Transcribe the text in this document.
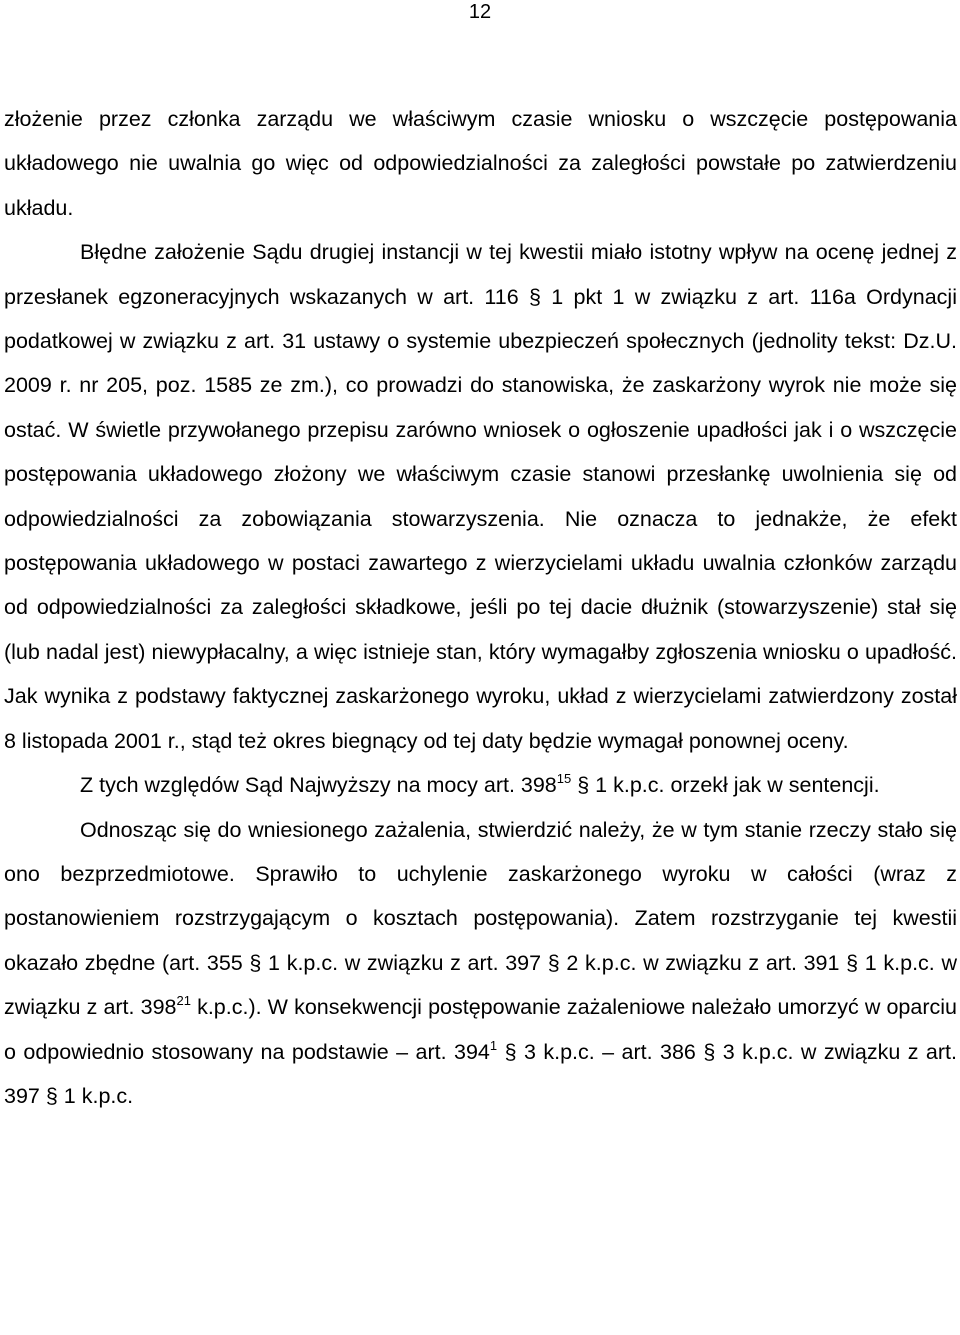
12

złożenie przez członka zarządu we właściwym czasie wniosku o wszczęcie postępowania układowego nie uwalnia go więc od odpowiedzialności za zaległości powstałe po zatwierdzeniu układu.

Błędne założenie Sądu drugiej instancji w tej kwestii miało istotny wpływ na ocenę jednej z przesłanek egzoneracyjnych wskazanych w art. 116 § 1 pkt 1 w związku z art. 116a Ordynacji podatkowej w związku z art. 31 ustawy o systemie ubezpieczeń społecznych (jednolity tekst: Dz.U. 2009 r. nr 205, poz. 1585 ze zm.), co prowadzi do stanowiska, że zaskarżony wyrok nie może się ostać. W świetle przywołanego przepisu zarówno wniosek o ogłoszenie upadłości jak i o wszczęcie postępowania układowego złożony we właściwym czasie stanowi przesłankę uwolnienia się od odpowiedzialności za zobowiązania stowarzyszenia. Nie oznacza to jednakże, że efekt postępowania układowego w postaci zawartego z wierzycielami układu uwalnia członków zarządu od odpowiedzialności za zaległości składkowe, jeśli po tej dacie dłużnik (stowarzyszenie) stał się (lub nadal jest) niewypłacalny, a więc istnieje stan, który wymagałby zgłoszenia wniosku o upadłość. Jak wynika z podstawy faktycznej zaskarżonego wyroku, układ z wierzycielami zatwierdzony został 8 listopada 2001 r., stąd też okres biegnący od tej daty będzie wymagał ponownej oceny.

Z tych względów Sąd Najwyższy na mocy art. $398^{15}$ § 1 k.p.c. orzekł jak w sentencji.

Odnosząc się do wniesionego zażalenia, stwierdzić należy, że w tym stanie rzeczy stało się ono bezprzedmiotowe. Sprawiło to uchylenie zaskarżonego wyroku w całości (wraz z postanowieniem rozstrzygającym o kosztach postępowania). Zatem rozstrzyganie tej kwestii okazało zbędne (art. 355 § 1 k.p.c. w związku z art. 397 § 2 k.p.c. w związku z art. 391 § 1 k.p.c. w związku z art. $398^{21}$ k.p.c.). W konsekwencji postępowanie zażaleniowe należało umorzyć w oparciu o odpowiednio stosowany na podstawie – art. $394^1$ § 3 k.p.c. – art. 386 § 3 k.p.c. w związku z art. 397 § 1 k.p.c.
